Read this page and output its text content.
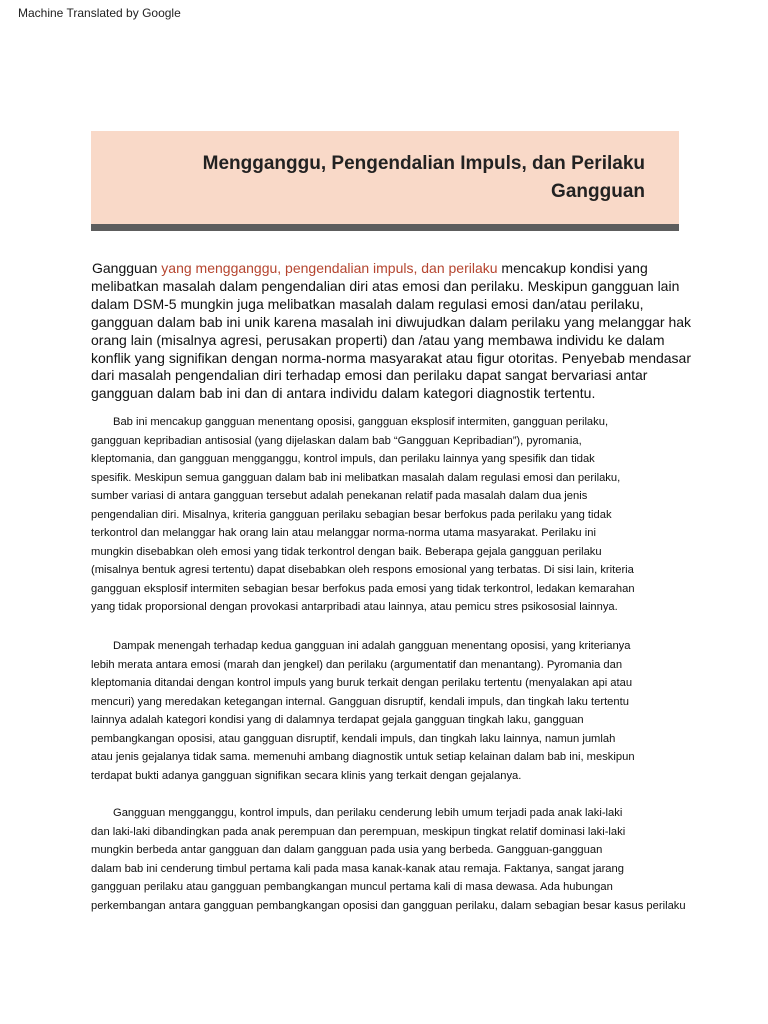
Machine Translated by Google
Mengganggu, Pengendalian Impuls, dan Perilaku
Gangguan
Gangguan yang mengganggu, pengendalian impuls, dan perilaku mencakup kondisi yang
melibatkan masalah dalam pengendalian diri atas emosi dan perilaku. Meskipun gangguan lain
dalam DSM-5 mungkin juga melibatkan masalah dalam regulasi emosi dan/atau perilaku,
gangguan dalam bab ini unik karena masalah ini diwujudkan dalam perilaku yang melanggar hak
orang lain (misalnya agresi, perusakan properti) dan /atau yang membawa individu ke dalam
konflik yang signifikan dengan norma-norma masyarakat atau figur otoritas. Penyebab mendasar
dari masalah pengendalian diri terhadap emosi dan perilaku dapat sangat bervariasi antar
gangguan dalam bab ini dan di antara individu dalam kategori diagnostik tertentu.
Bab ini mencakup gangguan menentang oposisi, gangguan eksplosif intermiten, gangguan perilaku,
gangguan kepribadian antisosial (yang dijelaskan dalam bab “Gangguan Kepribadian”), pyromania,
kleptomania, dan gangguan mengganggu, kontrol impuls, dan perilaku lainnya yang spesifik dan tidak
spesifik. Meskipun semua gangguan dalam bab ini melibatkan masalah dalam regulasi emosi dan perilaku,
sumber variasi di antara gangguan tersebut adalah penekanan relatif pada masalah dalam dua jenis
pengendalian diri. Misalnya, kriteria gangguan perilaku sebagian besar berfokus pada perilaku yang tidak
terkontrol dan melanggar hak orang lain atau melanggar norma-norma utama masyarakat. Perilaku ini
mungkin disebabkan oleh emosi yang tidak terkontrol dengan baik. Beberapa gejala gangguan perilaku
(misalnya bentuk agresi tertentu) dapat disebabkan oleh respons emosional yang terbatas. Di sisi lain, kriteria
gangguan eksplosif intermiten sebagian besar berfokus pada emosi yang tidak terkontrol, ledakan kemarahan
yang tidak proporsional dengan provokasi antarpribadi atau lainnya, atau pemicu stres psikososial lainnya.
Dampak menengah terhadap kedua gangguan ini adalah gangguan menentang oposisi, yang kriterianya
lebih merata antara emosi (marah dan jengkel) dan perilaku (argumentatif dan menantang). Pyromania dan
kleptomania ditandai dengan kontrol impuls yang buruk terkait dengan perilaku tertentu (menyalakan api atau
mencuri) yang meredakan ketegangan internal. Gangguan disruptif, kendali impuls, dan tingkah laku tertentu
lainnya adalah kategori kondisi yang di dalamnya terdapat gejala gangguan tingkah laku, gangguan
pembangkangan oposisi, atau gangguan disruptif, kendali impuls, dan tingkah laku lainnya, namun jumlah
atau jenis gejalanya tidak sama. memenuhi ambang diagnostik untuk setiap kelainan dalam bab ini, meskipun
terdapat bukti adanya gangguan signifikan secara klinis yang terkait dengan gejalanya.
Gangguan mengganggu, kontrol impuls, dan perilaku cenderung lebih umum terjadi pada anak laki-laki
dan laki-laki dibandingkan pada anak perempuan dan perempuan, meskipun tingkat relatif dominasi laki-laki
mungkin berbeda antar gangguan dan dalam gangguan pada usia yang berbeda. Gangguan-gangguan
dalam bab ini cenderung timbul pertama kali pada masa kanak-kanak atau remaja. Faktanya, sangat jarang
gangguan perilaku atau gangguan pembangkangan muncul pertama kali di masa dewasa. Ada hubungan
perkembangan antara gangguan pembangkangan oposisi dan gangguan perilaku, dalam sebagian besar kasus perilaku
